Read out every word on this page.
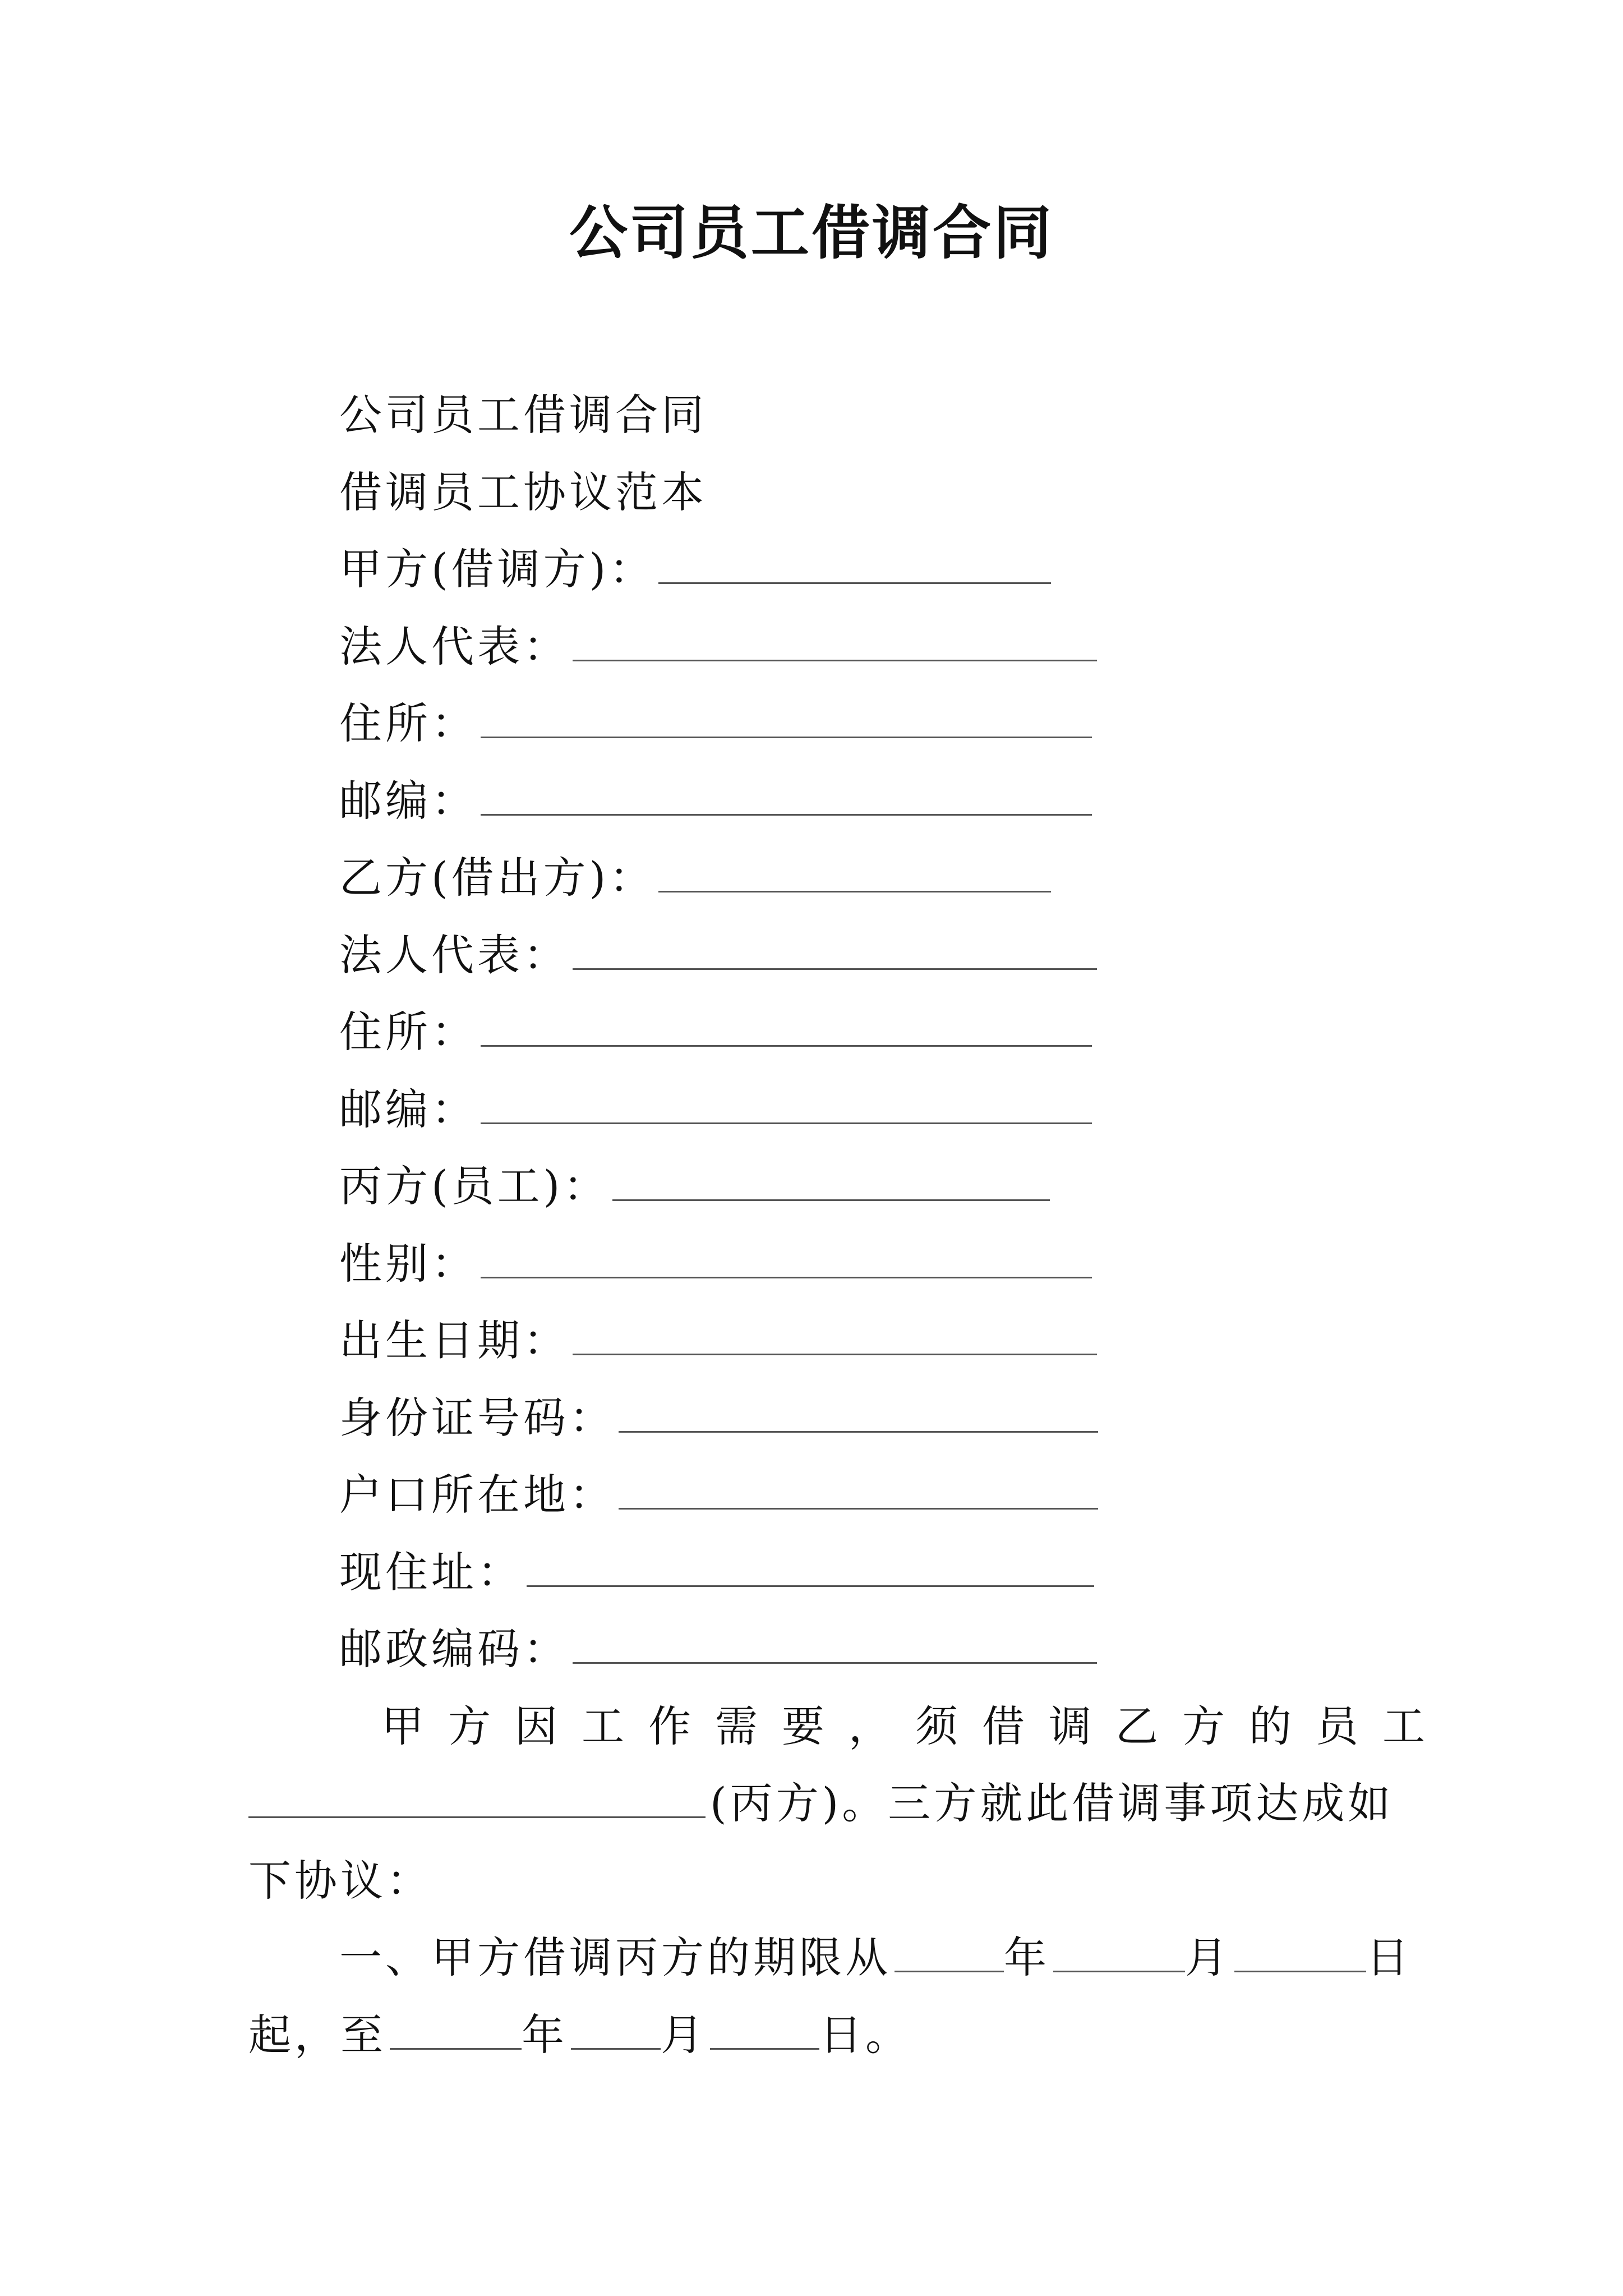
公司员工借调合同
公司员工借调合同
借调员工协议范本
甲方(借调方)：
法人代表：
住所：
邮编：
乙方(借出方)：
法人代表：
住所：
邮编：
丙方(员工)：
性别：
出生日期：
身份证号码：
户口所在地：
现住址：
邮政编码：
甲方因工作需要，须借调乙方的员工
(丙方)。三方就此借调事项达成如
下协议：
一、甲方借调丙方的期限从	年	月	日
起，至	年 月	日。
